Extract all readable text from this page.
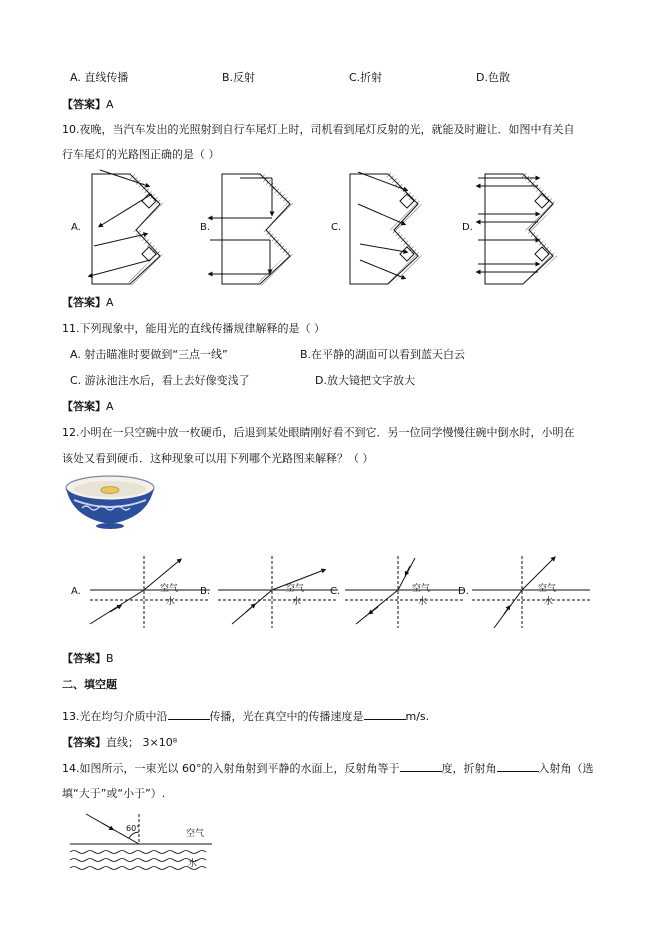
A. 直线传播	B.反射	C.折射	D.色散
【答案】A
10.夜晚，当汽车发出的光照射到自行车尾灯上时，司机看到尾灯反射的光，就能及时避让．如图中有关自
行车尾灯的光路图正确的是（ ）
A.	B.	C.	D.
【答案】A
11.下列现象中，能用光的直线传播规律解释的是（ ）
A. 射击瞄准时要做到“三点一线”	B.在平静的湖面可以看到蓝天白云
C. 游泳池注水后，看上去好像变浅了	D.放大镜把文字放大
【答案】A
12.小明在一只空碗中放一枚硬币，后退到某处眼睛刚好看不到它．另一位同学慢慢往碗中倒水时，小明在
该处又看到硬币．这种现象可以用下列哪个光路图来解释？（ ）
A.	B.	C.	D.
空气
水
空气
水
空气
水
空气
水
【答案】B
二、填空题
13.光在均匀介质中沿	传播，光在真空中的传播速度是	m/s.
【答案】直线； 3×10⁸
14.如图所示，一束光以 60°的入射角射到平静的水面上，反射角等于	度，折射角	入射角（选
填“大于”或“小于”）.
60°
空气
水
